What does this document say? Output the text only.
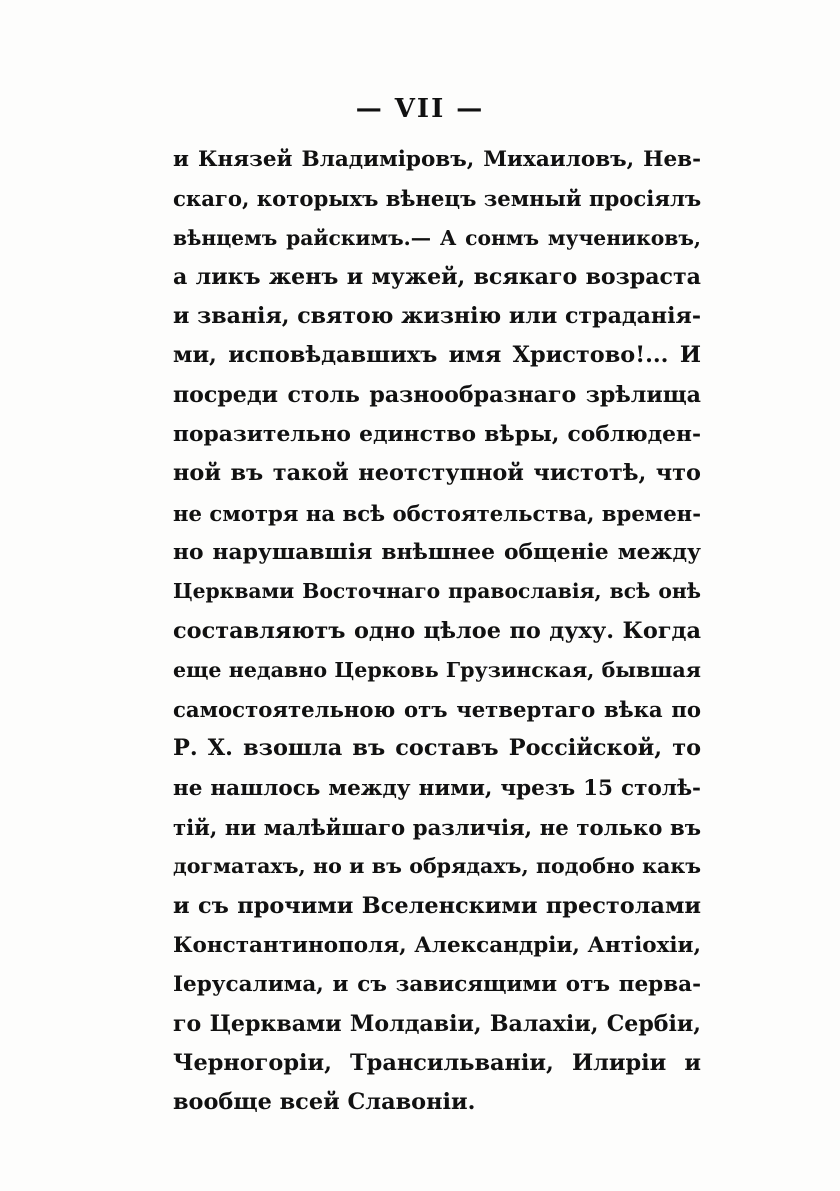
— VII —
и Князей Владиміровъ, Михаиловъ, Нев-
скаго, которыхъ вѣнецъ земный просіялъ
вѣнцемъ райскимъ.— А сонмъ мучениковъ,
а ликъ женъ и мужей, всякаго возраста
и званія, святою жизнію или страданія-
ми, исповѣдавшихъ имя Христово!... И
посреди столь разнообразнаго зрѣлища
поразительно единство вѣры, соблюден-
ной въ такой неотступной чистотѣ, что
не смотря на всѣ обстоятельства, времен-
но нарушавшія внѣшнее общеніе между
Церквами Восточнаго православія, всѣ онѣ
составляютъ одно цѣлое по духу. Когда
еще недавно Церковь Грузинская, бывшая
самостоятельною отъ четвертаго вѣка по
Р. Х. взошла въ составъ Россійской, то
не нашлось между ними, чрезъ 15 столѣ-
тій, ни малѣйшаго различія, не только въ
догматахъ, но и въ обрядахъ, подобно какъ
и съ прочими Вселенскими престолами
Константинополя, Александріи, Антіохіи,
Іерусалима, и съ зависящими отъ перва-
го Церквами Молдавіи, Валахіи, Сербіи,
Черногоріи, Трансильваніи, Илиріи и
вообще всей Славоніи.
